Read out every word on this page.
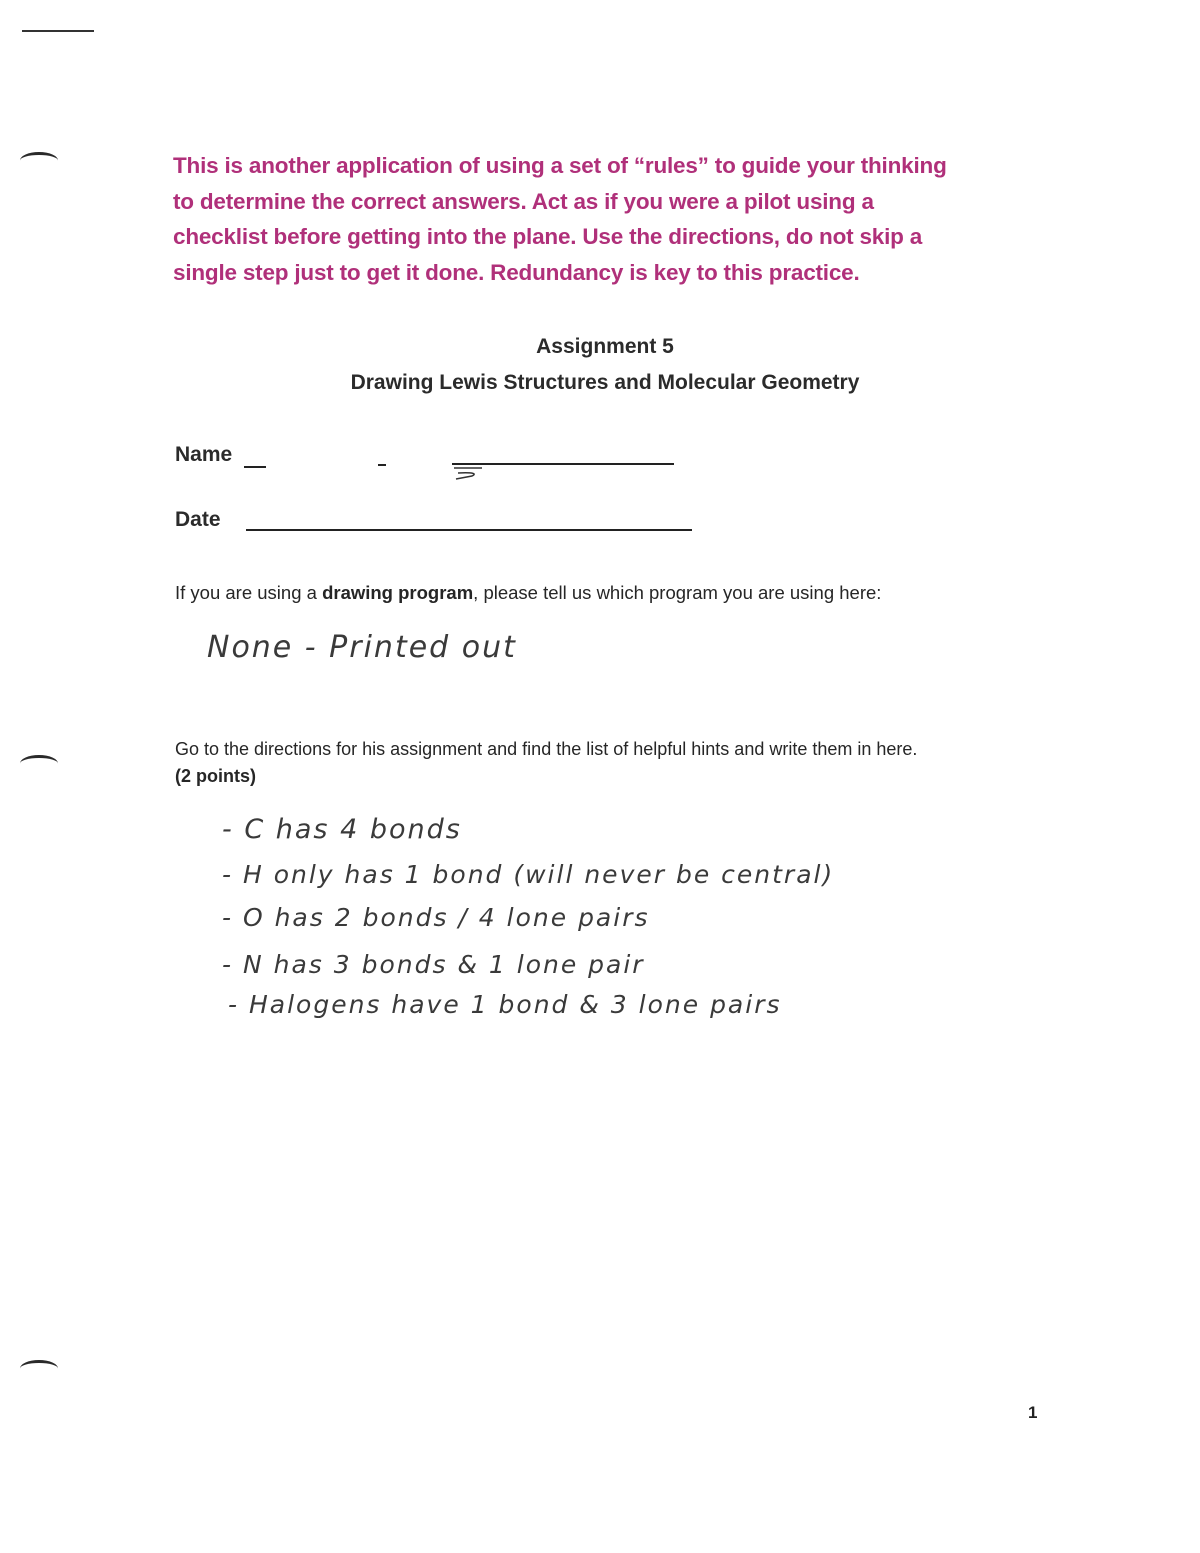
This is another application of using a set of “rules” to guide your thinking
to determine the correct answers. Act as if you were a pilot using a
checklist before getting into the plane. Use the directions, do not skip a
single step just to get it done. Redundancy is key to this practice.
Assignment 5
Drawing Lewis Structures and Molecular Geometry
Name
Date
If you are using a drawing program, please tell us which program you are using here:
None - Printed out
Go to the directions for his assignment and find the list of helpful hints and write them in here.
(2 points)
- C has 4 bonds
- H only has 1 bond (will never be central)
- O has 2 bonds / 4 lone pairs
- N has 3 bonds & 1 lone pair
- Halogens have 1 bond & 3 lone pairs
1
